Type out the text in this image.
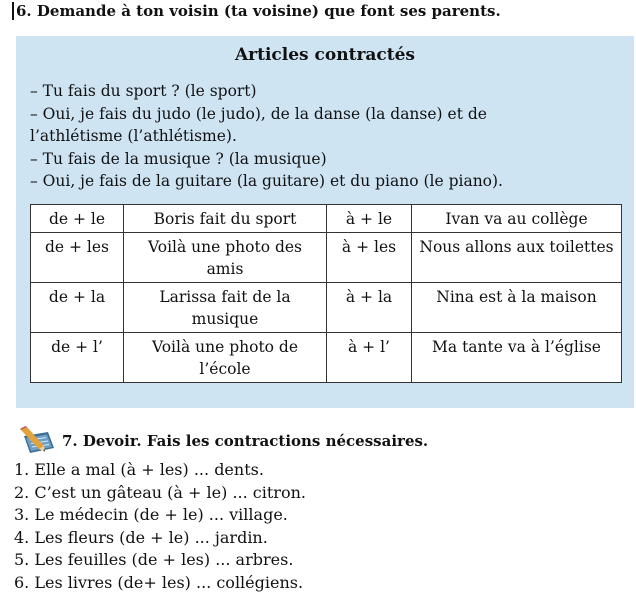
6. Demande à ton voisin (ta voisine) que font ses parents.
Articles contractés
– Tu fais du sport ? (le sport)
– Oui, je fais du judo (le judo), de la danse (la danse) et de
l’athlétisme (l’athlétisme).
– Tu fais de la musique ? (la musique)
– Oui, je fais de la guitare (la guitare) et du piano (le piano).
de + le	Boris fait du sport	à + le	Ivan va au collège
de + les	Voilà une photo des amis	à + les	Nous allons aux toilettes
de + la	Larissa fait de la musique	à + la	Nina est à la maison
de + l’	Voilà une photo de l’école	à + l’	Ma tante va à l’église
7. Devoir. Fais les contractions nécessaires.
1. Elle a mal (à + les) ... dents.
2. C’est un gâteau (à + le) ... citron.
3. Le médecin (de + le) ... village.
4. Les fleurs (de + le) ... jardin.
5. Les feuilles (de + les) ... arbres.
6. Les livres (de+ les) ... collégiens.
